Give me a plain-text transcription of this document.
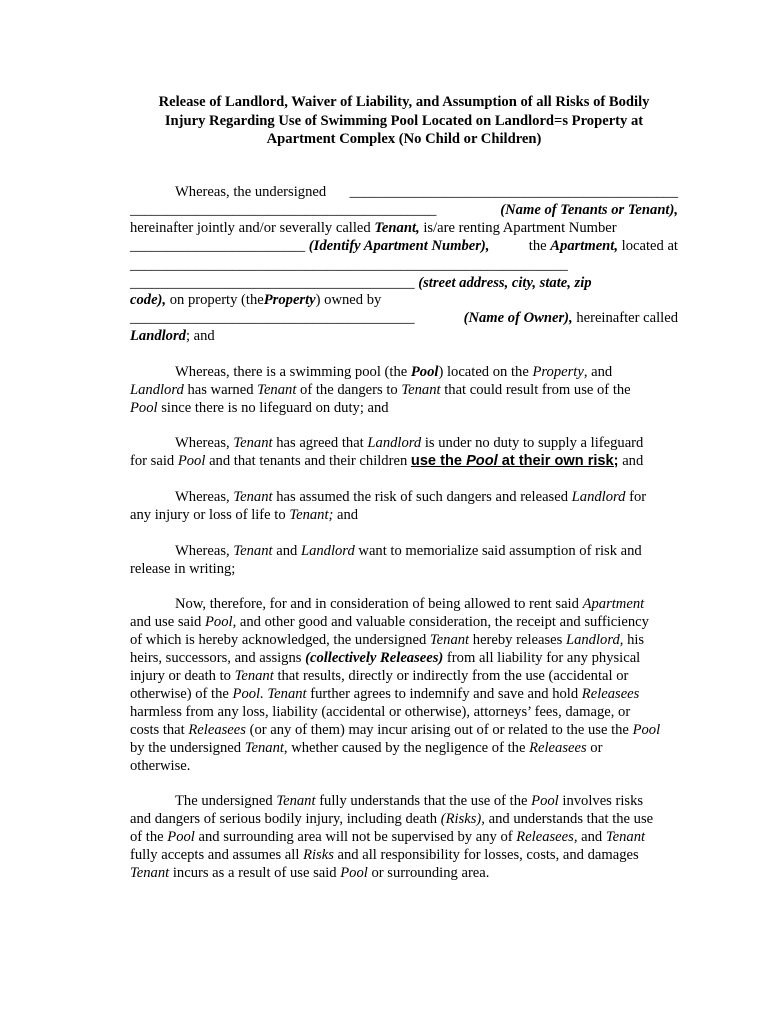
Release of Landlord, Waiver of Liability, and Assumption of all Risks of Bodily
Injury Regarding Use of Swimming Pool Located on Landlord=s Property at
Apartment Complex (No Child or Children)
Whereas, the undersigned _____________________________________________
__________________________________________	(Name of Tenants or Tenant),
hereinafter jointly and/or severally called Tenant, is/are renting Apartment Number
________________________ (Identify Apartment Number),	the Apartment, located at
____________________________________________________________
_______________________________________ (street address, city, state, zip
code), on property (theProperty) owned by
_______________________________________	(Name of Owner), hereinafter called
Landlord; and
Whereas, there is a swimming pool (the Pool) located on the Property, and
Landlord has warned Tenant of the dangers to Tenant that could result from use of the
Pool since there is no lifeguard on duty; and
Whereas, Tenant has agreed that Landlord is under no duty to supply a lifeguard
for said Pool and that tenants and their children use the Pool at their own risk; and
Whereas, Tenant has assumed the risk of such dangers and released Landlord for
any injury or loss of life to Tenant; and
Whereas, Tenant and Landlord want to memorialize said assumption of risk and
release in writing;
Now, therefore, for and in consideration of being allowed to rent said Apartment
and use said Pool, and other good and valuable consideration, the receipt and sufficiency
of which is hereby acknowledged, the undersigned Tenant hereby releases Landlord, his
heirs, successors, and assigns (collectively Releasees) from all liability for any physical
injury or death to Tenant that results, directly or indirectly from the use (accidental or
otherwise) of the Pool. Tenant further agrees to indemnify and save and hold Releasees
harmless from any loss, liability (accidental or otherwise), attorneys’ fees, damage, or
costs that Releasees (or any of them) may incur arising out of or related to the use the Pool
by the undersigned Tenant, whether caused by the negligence of the Releasees or
otherwise.
The undersigned Tenant fully understands that the use of the Pool involves risks
and dangers of serious bodily injury, including death (Risks), and understands that the use
of the Pool and surrounding area will not be supervised by any of Releasees, and Tenant
fully accepts and assumes all Risks and all responsibility for losses, costs, and damages
Tenant incurs as a result of use said Pool or surrounding area.
